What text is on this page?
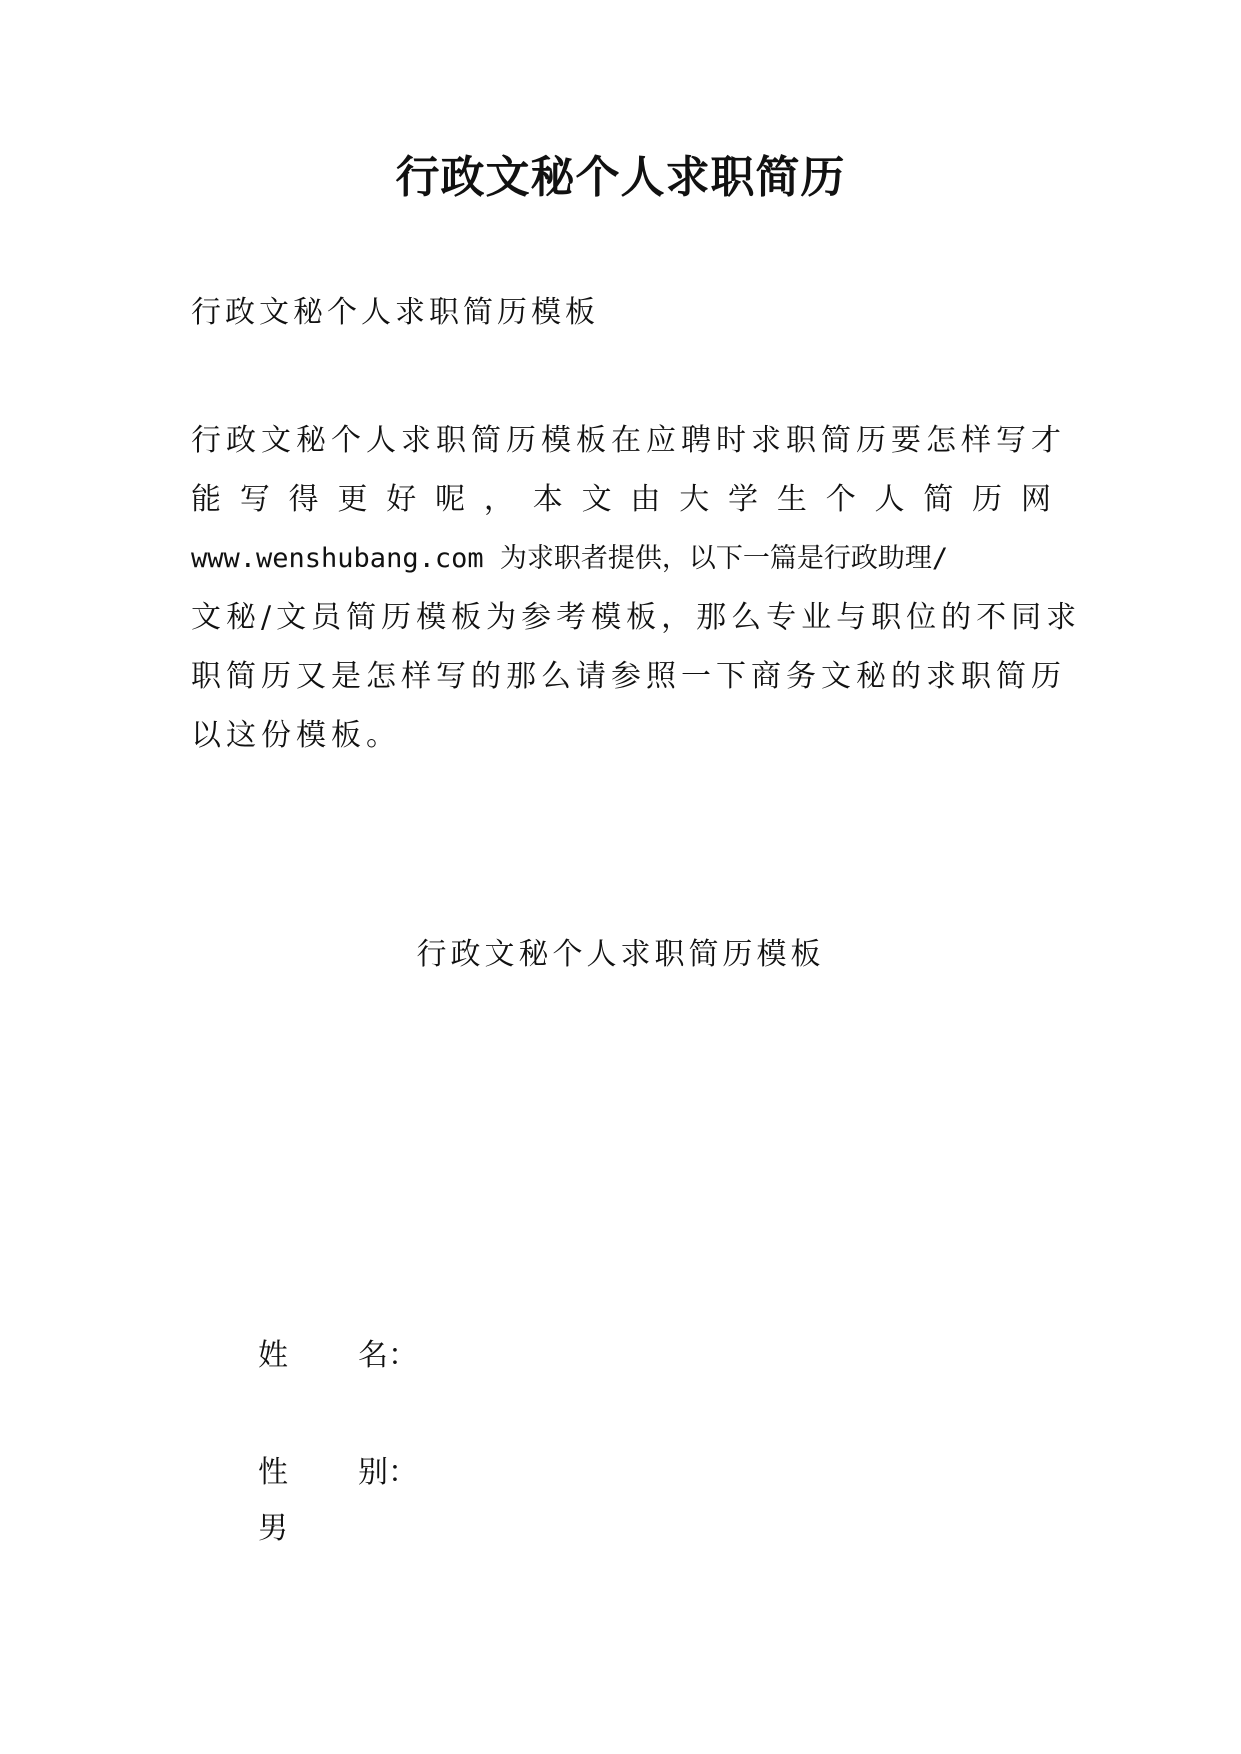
行政文秘个人求职简历
行政文秘个人求职简历模板
行政文秘个人求职简历模板在应聘时求职简历要怎样写才
能 写 得 更 好 呢 ， 本 文 由 大 学 生 个 人 简 历 网
www.wenshubang.com 为求职者提供，以下一篇是行政助理/
文秘/文员简历模板为参考模板，那么专业与职位的不同求
职简历又是怎样写的那么请参照一下商务文秘的求职简历
以这份模板。
行政文秘个人求职简历模板
姓 名：
性 别：
男
